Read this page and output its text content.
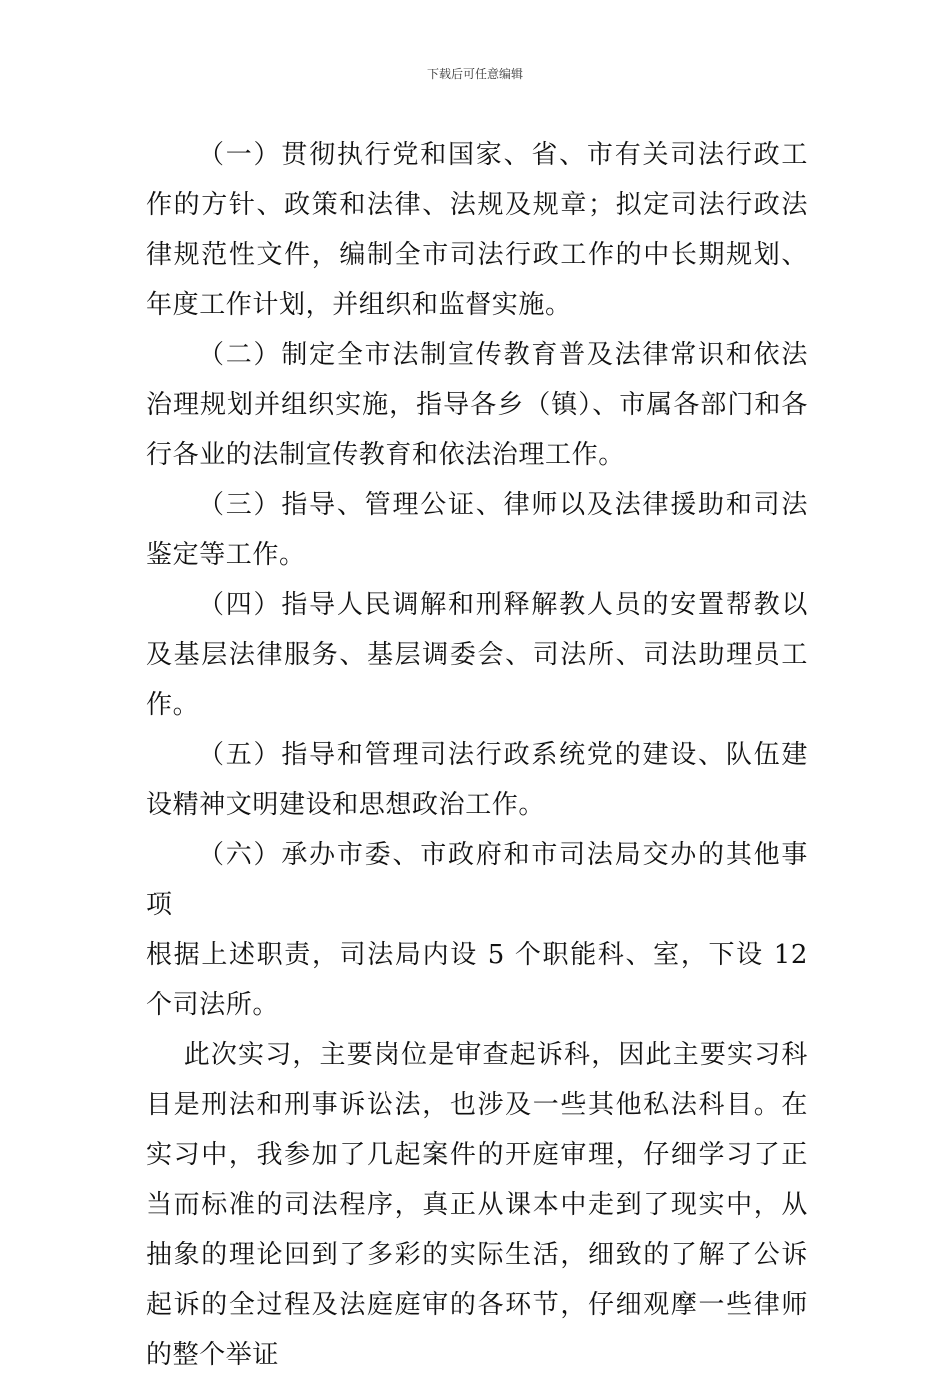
下载后可任意编辑

（一）贯彻执行党和国家、省、市有关司法行政工作的方针、政策和法律、法规及规章；拟定司法行政法律规范性文件，编制全市司法行政工作的中长期规划、年度工作计划，并组织和监督实施。

（二）制定全市法制宣传教育普及法律常识和依法治理规划并组织实施，指导各乡（镇）、市属各部门和各行各业的法制宣传教育和依法治理工作。

（三）指导、管理公证、律师以及法律援助和司法鉴定等工作。

（四）指导人民调解和刑释解教人员的安置帮教以及基层法律服务、基层调委会、司法所、司法助理员工作。

（五）指导和管理司法行政系统党的建设、队伍建设精神文明建设和思想政治工作。

（六）承办市委、市政府和市司法局交办的其他事项

根据上述职责，司法局内设 5 个职能科、室，下设 12 个司法所。

此次实习，主要岗位是审查起诉科，因此主要实习科目是刑法和刑事诉讼法，也涉及一些其他私法科目。在实习中，我参加了几起案件的开庭审理，仔细学习了正当而标准的司法程序，真正从课本中走到了现实中，从抽象的理论回到了多彩的实际生活，细致的了解了公诉起诉的全过程及法庭庭审的各环节，仔细观摩一些律师的整个举证
